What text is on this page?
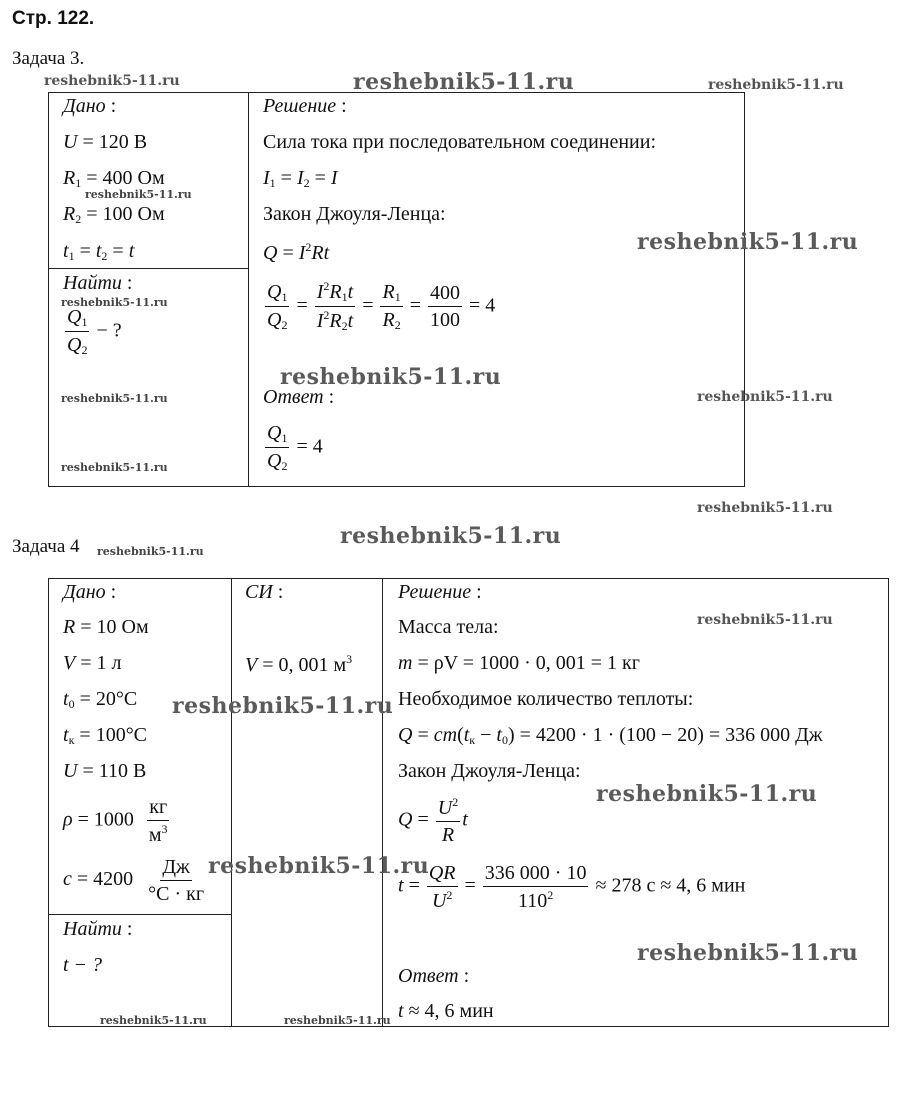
Стр. 122.
Задача 3.
Дано :
U = 120 В
$R_1 = 400$ Ом
$R_2 = 100$ Ом
$t_1 = t_2 = t$
Найти :
$\frac{Q_1}{Q_2}$ − ?
Решение :
Сила тока при последовательном соединении:
$I_1 = I_2 = I$
Закон Джоуля-Ленца:
$Q = I^2Rt$
$\frac{Q_1}{Q_2} = \frac{I^2R_1t}{I^2R_2t} = \frac{R_1}{R_2} = \frac{400}{100} = 4$
Ответ :
$\frac{Q_1}{Q_2} = 4$
Задача 4
Дано :
R = 10 Ом
V = 1 л
$t_0 = 20^\circ C$
$t_к = 100^\circ C$
U = 110 В
$\rho = 1000 \frac{кг}{м^3}$
$c = 4200 \frac{Дж}{^\circ C \cdot кг}$
Найти :
t − ?
СИ :
V = 0, 001 $м^3$
Решение :
Масса тела:
m = ρV = 1000 · 0, 001 = 1 кг
Необходимое количество теплоты:
$Q = cm(t_к - t_0) = 4200 \cdot 1 \cdot (100 - 20) = 336$ 000 Дж
Закон Джоуля-Ленца:
$Q = \frac{U^2}{R}$ t
$t = \frac{QR}{U^2} = \frac{336 000 \cdot 10}{110^2} \approx 278$ с ≈ 4, 6 мин
Ответ :
t ≈ 4, 6 мин
reshebnik5-11.ru
reshebnik5-11.ru	reshebnik5-11.ru
reshebnik5-11.ru
reshebnik5-11.ru
reshebnik5-11.ru
reshebnik5-11.ru
reshebnik5-11.ru	reshebnik5-11.ru
reshebnik5-11.ru
reshebnik5-11.ru
reshebnik5-11.ru
reshebnik5-11.ru
reshebnik5-11.ru
reshebnik5-11.ru
reshebnik5-11.ru
reshebnik5-11.ru
reshebnik5-11.ru
reshebnik5-11.ru	reshebnik5-11.ru
